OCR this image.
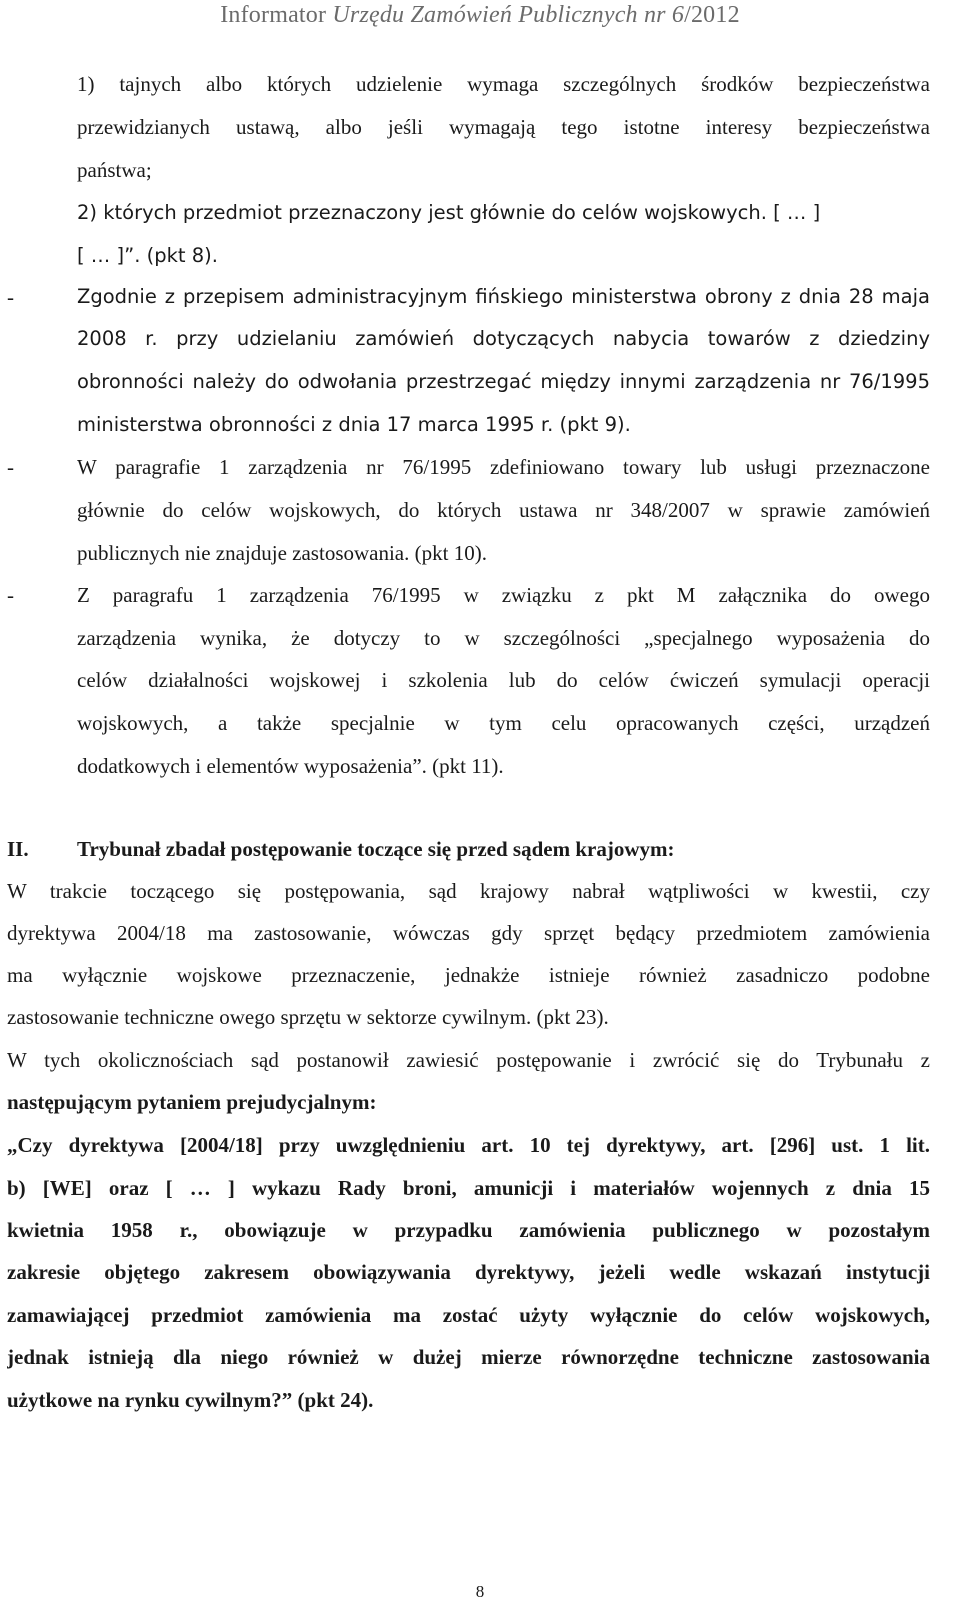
Informator Urzędu Zamówień Publicznych nr 6/2012
1) tajnych albo których udzielenie wymaga szczególnych środków bezpieczeństwa
przewidzianych ustawą, albo jeśli wymagają tego istotne interesy bezpieczeństwa
państwa;
2) których przedmiot przeznaczony jest głównie do celów wojskowych. [ … ]
[ … ]”. (pkt 8).
-	Zgodnie z przepisem administracyjnym fińskiego ministerstwa obrony z dnia 28 maja
2008 r. przy udzielaniu zamówień dotyczących nabycia towarów z dziedziny
obronności należy do odwołania przestrzegać między innymi zarządzenia nr 76/1995
ministerstwa obronności z dnia 17 marca 1995 r. (pkt 9).
-	W paragrafie 1 zarządzenia nr 76/1995 zdefiniowano towary lub usługi przeznaczone
głównie do celów wojskowych, do których ustawa nr 348/2007 w sprawie zamówień
publicznych nie znajduje zastosowania. (pkt 10).
-	Z paragrafu 1 zarządzenia 76/1995 w związku z pkt M załącznika do owego
zarządzenia wynika, że dotyczy to w szczególności „specjalnego wyposażenia do
celów działalności wojskowej i szkolenia lub do celów ćwiczeń symulacji operacji
wojskowych, a także specjalnie w tym celu opracowanych części, urządzeń
dodatkowych i elementów wyposażenia”. (pkt 11).
II. Trybunał zbadał postępowanie toczące się przed sądem krajowym:
W trakcie toczącego się postępowania, sąd krajowy nabrał wątpliwości w kwestii, czy
dyrektywa 2004/18 ma zastosowanie, wówczas gdy sprzęt będący przedmiotem zamówienia
ma wyłącznie wojskowe przeznaczenie, jednakże istnieje również zasadniczo podobne
zastosowanie techniczne owego sprzętu w sektorze cywilnym. (pkt 23).
W tych okolicznościach sąd postanowił zawiesić postępowanie i zwrócić się do Trybunału z
następującym pytaniem prejudycjalnym:
„Czy dyrektywa [2004/18] przy uwzględnieniu art. 10 tej dyrektywy, art. [296] ust. 1 lit.
b) [WE] oraz [ … ] wykazu Rady broni, amunicji i materiałów wojennych z dnia 15
kwietnia 1958 r., obowiązuje w przypadku zamówienia publicznego w pozostałym
zakresie objętego zakresem obowiązywania dyrektywy, jeżeli wedle wskazań instytucji
zamawiającej przedmiot zamówienia ma zostać użyty wyłącznie do celów wojskowych,
jednak istnieją dla niego również w dużej mierze równorzędne techniczne zastosowania
użytkowe na rynku cywilnym?” (pkt 24).
8
